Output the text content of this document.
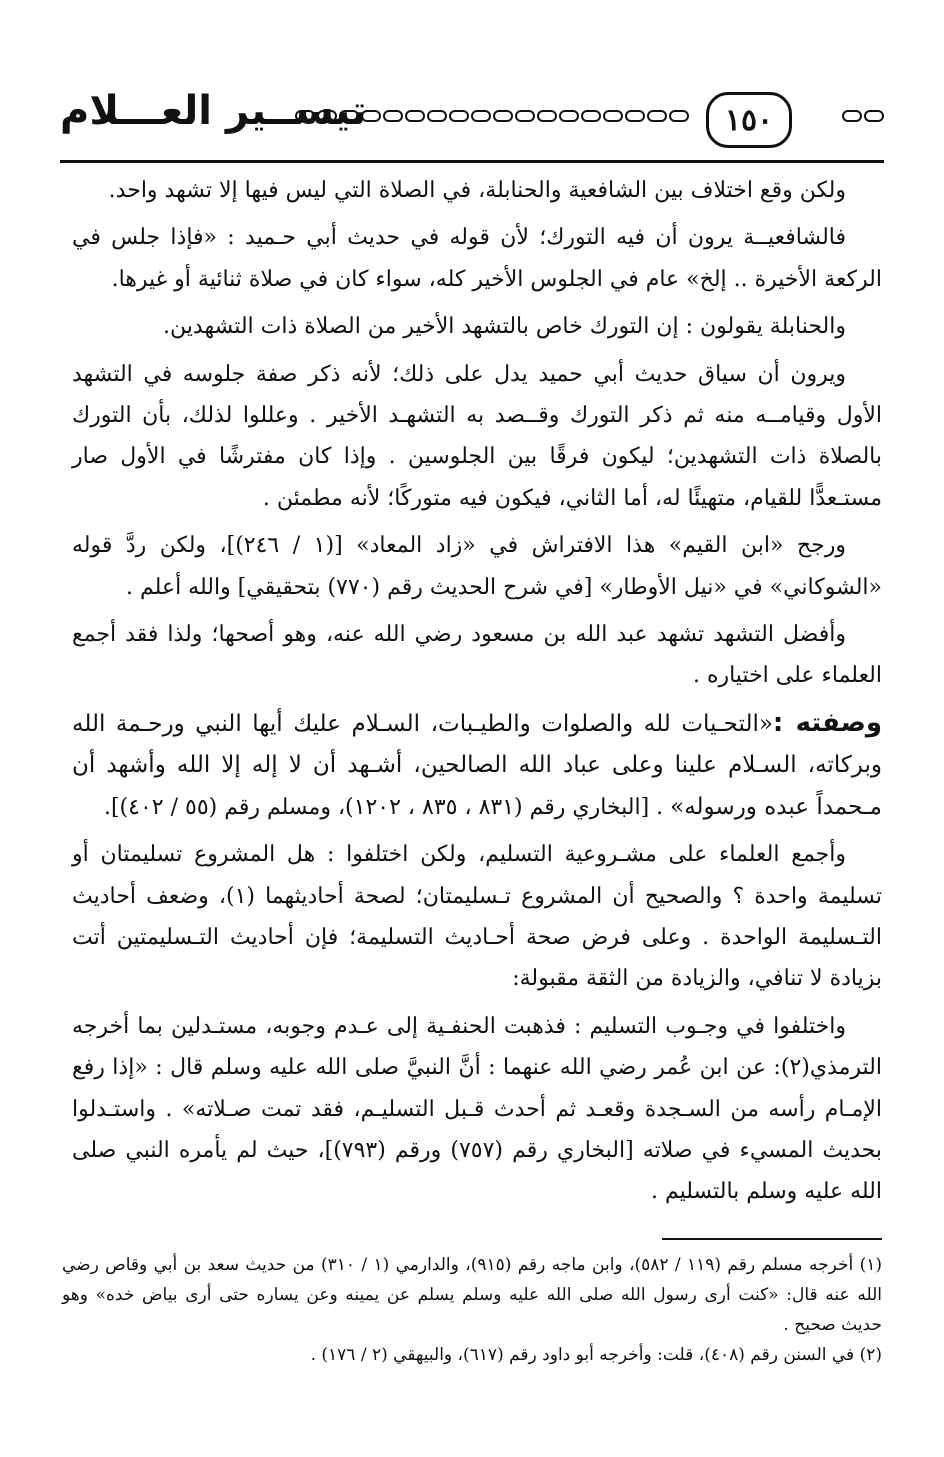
١٥٠
تيســير العـــلام

ولكن وقع اختلاف بين الشافعية والحنابلة، في الصلاة التي ليس فيها إلا تشهد واحد.

فالشافعيــة يرون أن فيه التورك؛ لأن قوله في حديث أبي حـميد : «فإذا جلس في الركعة الأخيرة .. إلخ» عام في الجلوس الأخير كله، سواء كان في صلاة ثنائية أو غيرها.

والحنابلة يقولون : إن التورك خاص بالتشهد الأخير من الصلاة ذات التشهدين.

ويرون أن سياق حديث أبي حميد يدل على ذلك؛ لأنه ذكر صفة جلوسه في التشهد الأول وقيامــه منه ثم ذكر التورك وقــصد به التشهـد الأخير . وعللوا لذلك، بأن التورك بالصلاة ذات التشهدين؛ ليكون فرقًا بين الجلوسين . وإذا كان مفترشًا في الأول صار مستـعدًّا للقيام، متهيئًا له، أما الثاني، فيكون فيه متوركًا؛ لأنه مطمئن .

ورجح «ابن القيم» هذا الافتراش في «زاد المعاد» [(١ / ٢٤٦)]، ولكن ردَّ قوله «الشوكاني» في «نيل الأوطار» [في شرح الحديث رقم (٧٧٠) بتحقيقي] والله أعلم .

وأفضل التشهد تشهد عبد الله بن مسعود رضي الله عنه، وهو أصحها؛ ولذا فقد أجمع العلماء على اختياره .

وصفته :«التحـيات لله والصلوات والطيـبات، السـلام عليك أيها النبي ورحـمة الله وبركاته، السـلام علينا وعلى عباد الله الصالحين، أشـهد أن لا إله إلا الله وأشهد أن مـحمداً عبده ورسوله» . [البخاري رقم (٨٣١ ، ٨٣٥ ، ١٢٠٢)، ومسلم رقم (٥٥ / ٤٠٢)].

وأجمع العلماء على مشـروعية التسليم، ولكن اختلفوا : هل المشروع تسليمتان أو تسليمة واحدة ؟ والصحيح أن المشروع تـسليمتان؛ لصحة أحاديثهما (١)، وضعف أحاديث التـسليمة الواحدة . وعلى فرض صحة أحـاديث التسليمة؛ فإن أحاديث التـسليمتين أتت بزيادة لا تنافي، والزيادة من الثقة مقبولة:

واختلفوا في وجـوب التسليم : فذهبت الحنفـية إلى عـدم وجوبه، مستـدلين بما أخرجه الترمذي(٢): عن ابن عُمر رضي الله عنهما : أنَّ النبيَّ صلى الله عليه وسلم قال : «إذا رفع الإمـام رأسه من السـجدة وقعـد ثم أحدث قـبل التسليـم، فقد تمت صـلاته» . واستـدلوا بحديث المسيء في صلاته [البخاري رقم (٧٥٧) ورقم (٧٩٣)]، حيث لم يأمره النبي صلى الله عليه وسلم بالتسليم .

(١) أخرجه مسلم رقم (١١٩ / ٥٨٢)، وابن ماجه رقم (٩١٥)، والدارمي (١ / ٣١٠) من حديث سعد بن أبي وقاص رضي الله عنه قال: «كنت أرى رسول الله صلى الله عليه وسلم يسلم عن يمينه وعن يساره حتى أرى بياض خده» وهو حديث صحيح .

(٢) في السنن رقم (٤٠٨)، قلت: وأخرجه أبو داود رقم (٦١٧)، والبيهقي (٢ / ١٧٦) .
